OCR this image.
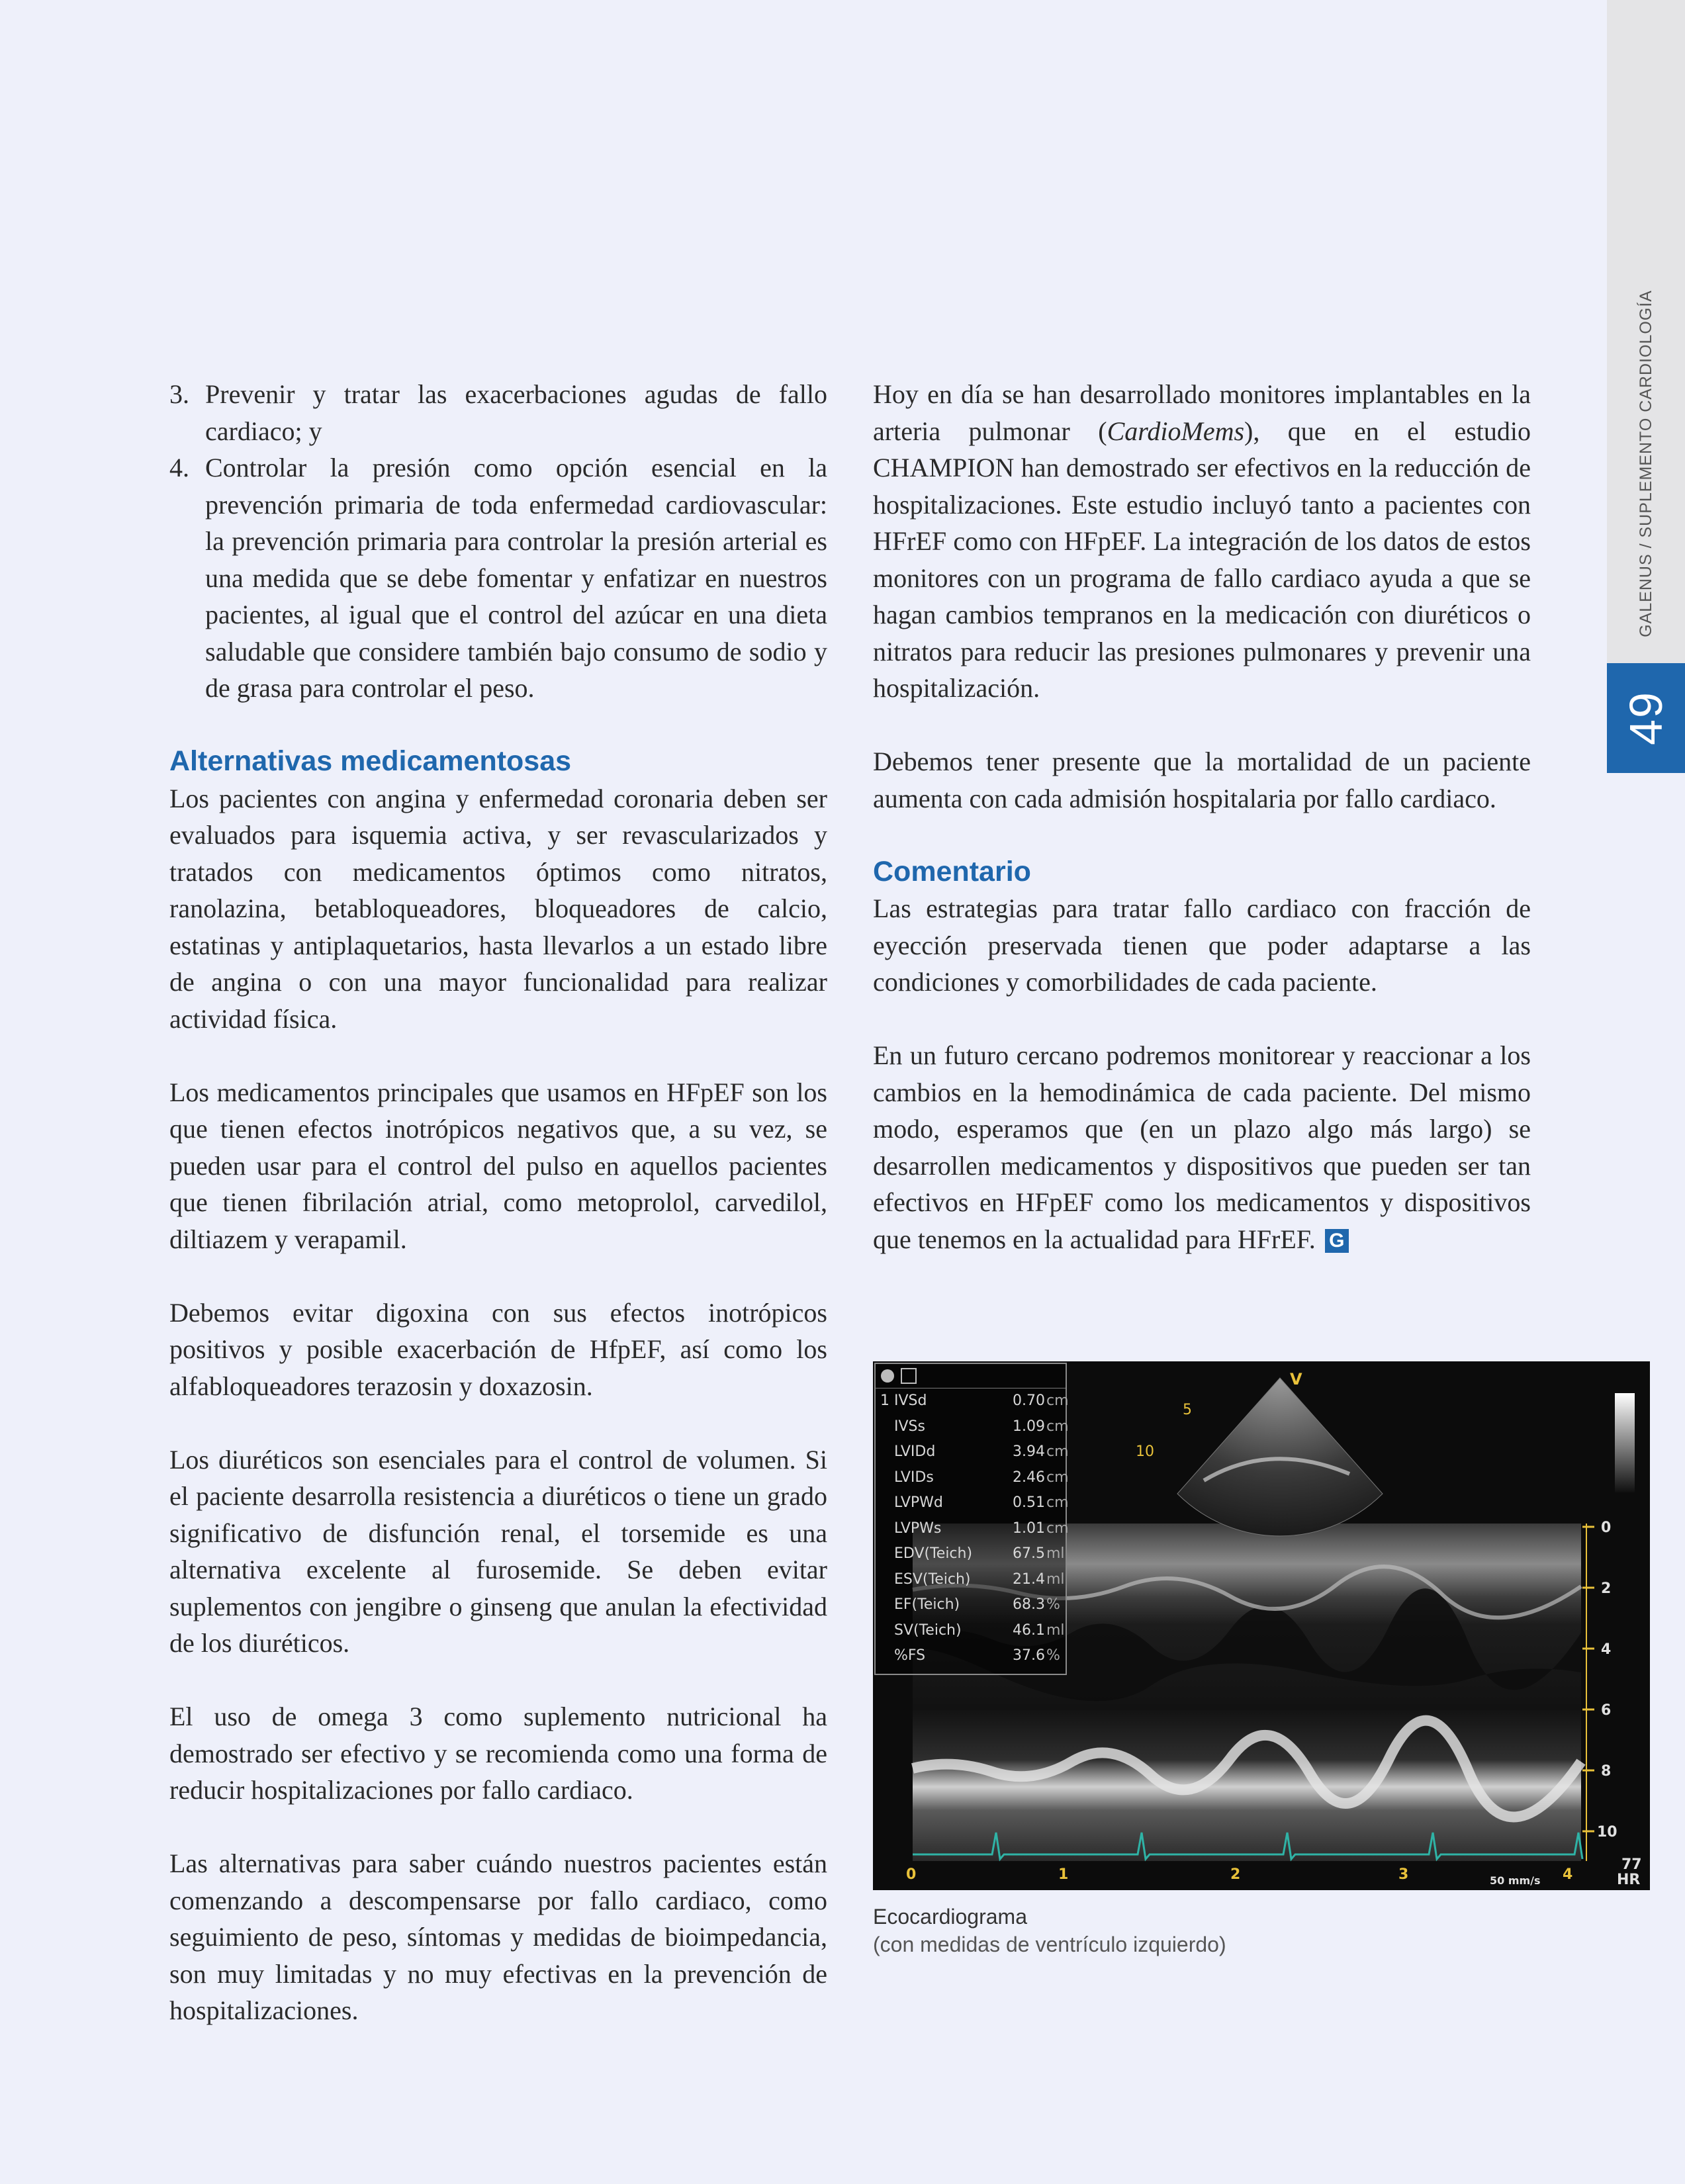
GALENUS / SUPLEMENTO CARDIOLOGÍA
49
3. Prevenir y tratar las exacerbaciones agudas de fallo cardiaco; y
4. Controlar la presión como opción esencial en la prevención primaria de toda enfermedad cardiovascular: la prevención primaria para controlar la presión arterial es una medida que se debe fomentar y enfatizar en nuestros pacientes, al igual que el control del azúcar en una dieta saludable que considere también bajo consumo de sodio y de grasa para controlar el peso.
Alternativas medicamentosas

Los pacientes con angina y enfermedad coronaria deben ser evaluados para isquemia activa, y ser revascularizados y tratados con medicamentos óptimos como nitratos, ranolazina, betabloqueadores, bloqueadores de calcio, estatinas y antiplaquetarios, hasta llevarlos a un estado libre de angina o con una mayor funcionalidad para realizar actividad física.

Los medicamentos principales que usamos en HFpEF son los que tienen efectos inotrópicos negativos que, a su vez, se pueden usar para el control del pulso en aquellos pacientes que tienen fibrilación atrial, como metoprolol, carvedilol, diltiazem y verapamil.

Debemos evitar digoxina con sus efectos inotrópicos positivos y posible exacerbación de HfpEF, así como los alfabloqueadores terazosin y doxazosin.

Los diuréticos son esenciales para el control de volumen. Si el paciente desarrolla resistencia a diuréticos o tiene un grado significativo de disfunción renal, el torsemide es una alternativa excelente al furosemide. Se deben evitar suplementos con jengibre o ginseng que anulan la efectividad de los diuréticos.

El uso de omega 3 como suplemento nutricional ha demostrado ser efectivo y se recomienda como una forma de reducir hospitalizaciones por fallo cardiaco.

Las alternativas para saber cuándo nuestros pacientes están comenzando a descompensarse por fallo cardiaco, como seguimiento de peso, síntomas y medidas de bioimpedancia, son muy limitadas y no muy efectivas en la prevención de hospitalizaciones.

Hoy en día se han desarrollado monitores implantables en la arteria pulmonar (CardioMems), que en el estudio CHAMPION han demostrado ser efectivos en la reducción de hospitalizaciones. Este estudio incluyó tanto a pacientes con HFrEF como con HFpEF. La integración de los datos de estos monitores con un programa de fallo cardiaco ayuda a que se hagan cambios tempranos en la medicación con diuréticos o nitratos para reducir las presiones pulmonares y prevenir una hospitalización.

Debemos tener presente que la mortalidad de un paciente aumenta con cada admisión hospitalaria por fallo cardiaco.

Comentario

Las estrategias para tratar fallo cardiaco con fracción de eyección preservada tienen que poder adaptarse a las condiciones y comorbilidades de cada paciente.

En un futuro cercano podremos monitorear y reaccionar a los cambios en la hemodinámica de cada paciente. Del mismo modo, esperamos que (en un plazo algo más largo) se desarrollen medicamentos y dispositivos que pueden ser tan efectivos en HFpEF como los medicamentos y dispositivos que tenemos en la actualidad para HFrEF. G

V
5
10
0
2
4
6
8
10
0	1	2	3	4
50 mm/s
77
HR
1 IVSd	0.70 cm
IVSs	1.09 cm
LVIDd	3.94 cm
LVIDs	2.46 cm
LVPWd	0.51 cm
LVPWs	1.01 cm
EDV(Teich)	67.5 ml
ESV(Teich)	21.4 ml
EF(Teich)	68.3 %
SV(Teich)	46.1 ml
%FS	37.6 %
Ecocardiograma
(con medidas de ventrículo izquierdo)
